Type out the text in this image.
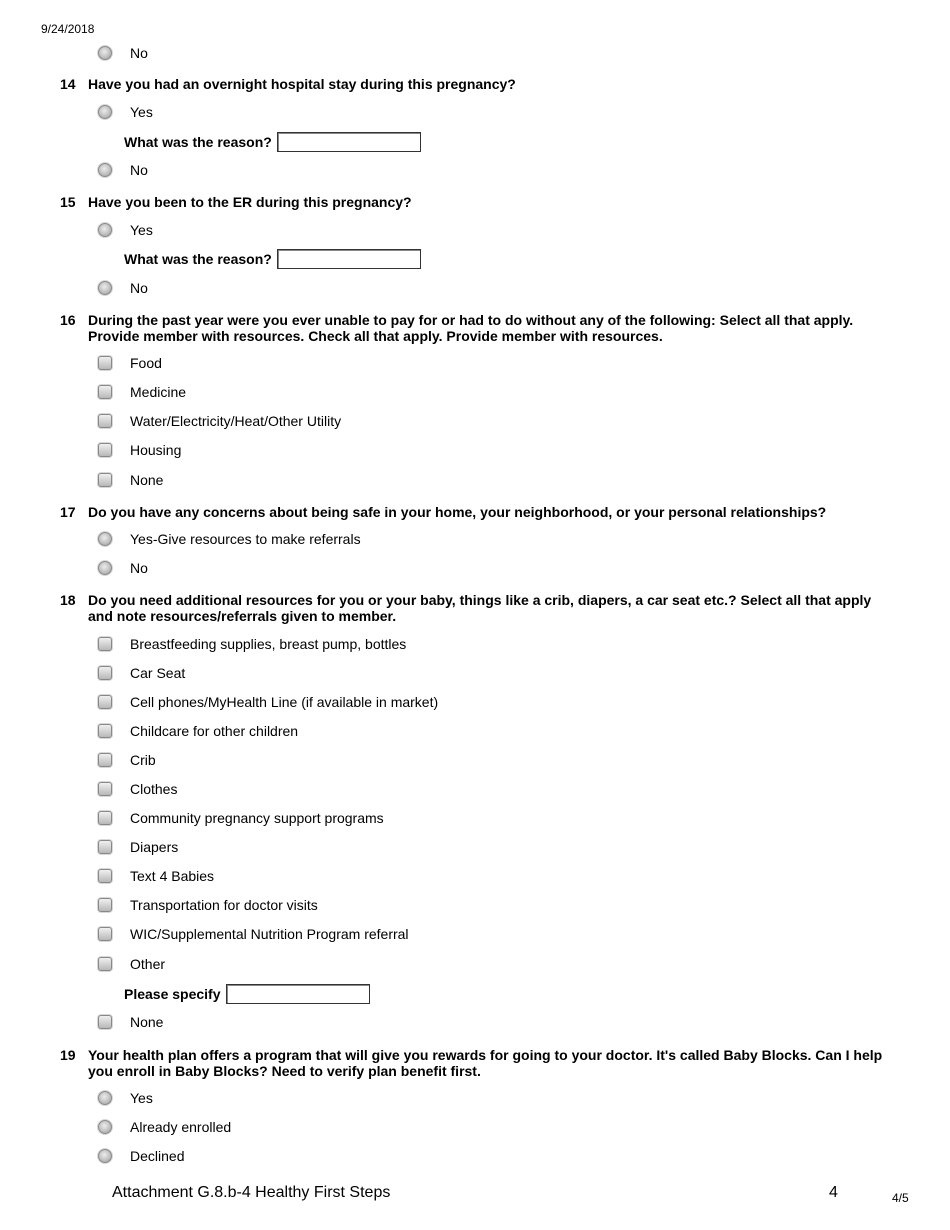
9/24/2018
No
14 Have you had an overnight hospital stay during this pregnancy?
Yes
What was the reason?
No
15 Have you been to the ER during this pregnancy?
Yes
What was the reason?
No
16 During the past year were you ever unable to pay for or had to do without any of the following: Select all that apply. Provide member with resources. Check all that apply. Provide member with resources.
Food
Medicine
Water/Electricity/Heat/Other Utility
Housing
None
17 Do you have any concerns about being safe in your home, your neighborhood, or your personal relationships?
Yes-Give resources to make referrals
No
18 Do you need additional resources for you or your baby, things like a crib, diapers, a car seat etc.? Select all that apply and note resources/referrals given to member.
Breastfeeding supplies, breast pump, bottles
Car Seat
Cell phones/MyHealth Line (if available in market)
Childcare for other children
Crib
Clothes
Community pregnancy support programs
Diapers
Text 4 Babies
Transportation for doctor visits
WIC/Supplemental Nutrition Program referral
Other
Please specify
None
19 Your health plan offers a program that will give you rewards for going to your doctor. It's called Baby Blocks. Can I help you enroll in Baby Blocks? Need to verify plan benefit first.
Yes
Already enrolled
Declined
Attachment G.8.b-4 Healthy First Steps	4	4/5
